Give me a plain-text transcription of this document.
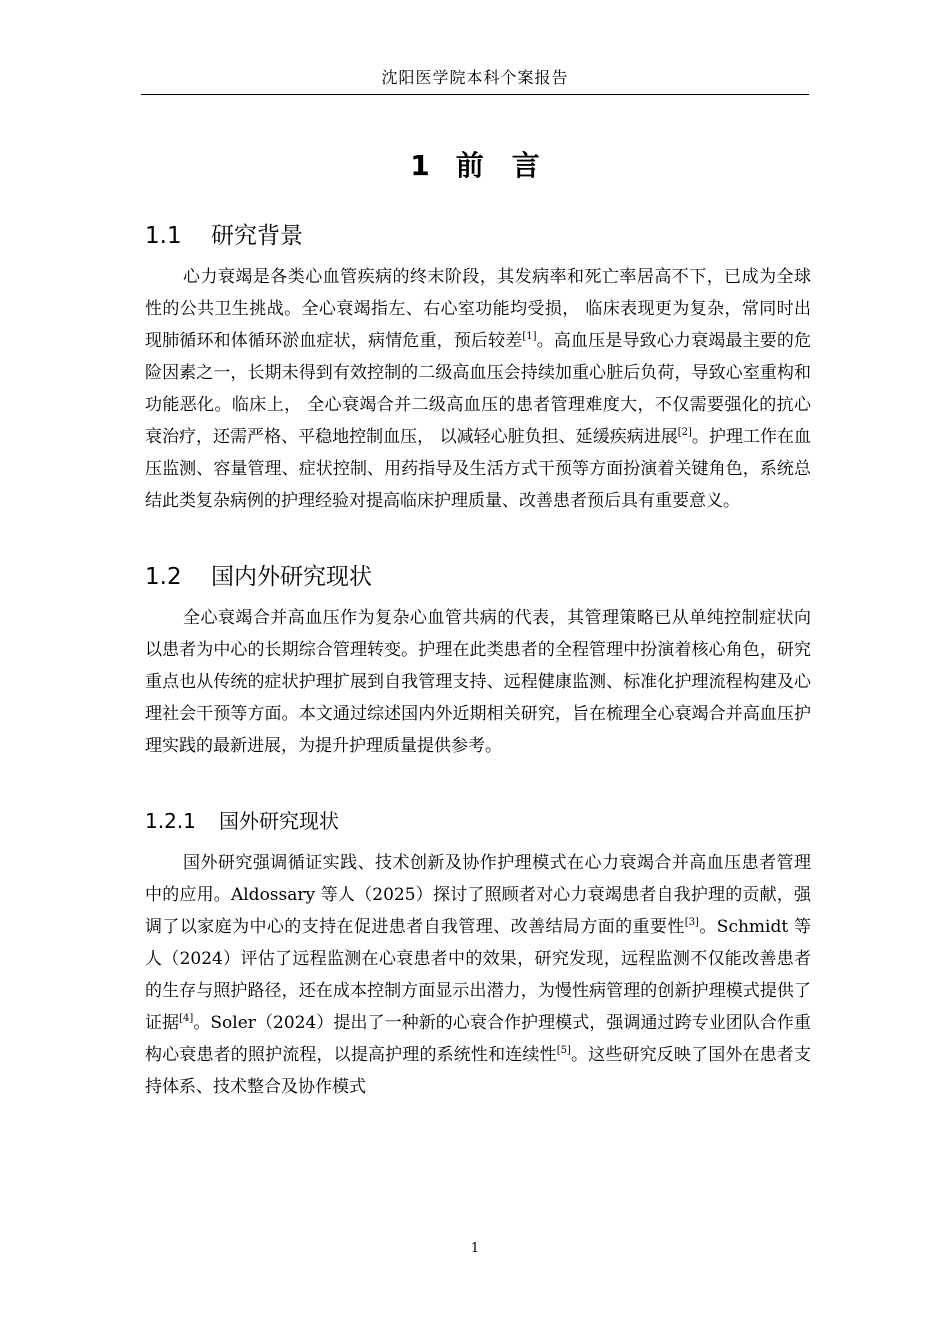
沈阳医学院本科个案报告
1 前 言
1.1 研究背景

心力衰竭是各类心血管疾病的终末阶段，其发病率和死亡率居高不下，已成为全球性的公共卫生挑战。全心衰竭指左、右心室功能均受损， 临床表现更为复杂，常同时出现肺循环和体循环淤血症状，病情危重，预后较差[1]。高血压是导致心力衰竭最主要的危险因素之一，长期未得到有效控制的二级高血压会持续加重心脏后负荷，导致心室重构和功能恶化。临床上， 全心衰竭合并二级高血压的患者管理难度大，不仅需要强化的抗心衰治疗，还需严格、平稳地控制血压， 以减轻心脏负担、延缓疾病进展[2]。护理工作在血压监测、容量管理、症状控制、用药指导及生活方式干预等方面扮演着关键角色，系统总结此类复杂病例的护理经验对提高临床护理质量、改善患者预后具有重要意义。

1.2 国内外研究现状

全心衰竭合并高血压作为复杂心血管共病的代表，其管理策略已从单纯控制症状向以患者为中心的长期综合管理转变。护理在此类患者的全程管理中扮演着核心角色，研究重点也从传统的症状护理扩展到自我管理支持、远程健康监测、标准化护理流程构建及心理社会干预等方面。本文通过综述国内外近期相关研究，旨在梳理全心衰竭合并高血压护理实践的最新进展，为提升护理质量提供参考。

1.2.1 国外研究现状

国外研究强调循证实践、技术创新及协作护理模式在心力衰竭合并高血压患者管理中的应用。Aldossary 等人（2025）探讨了照顾者对心力衰竭患者自我护理的贡献，强调了以家庭为中心的支持在促进患者自我管理、改善结局方面的重要性[3]。Schmidt 等人（2024）评估了远程监测在心衰患者中的效果，研究发现，远程监测不仅能改善患者的生存与照护路径，还在成本控制方面显示出潜力，为慢性病管理的创新护理模式提供了证据[4]。Soler（2024）提出了一种新的心衰合作护理模式，强调通过跨专业团队合作重构心衰患者的照护流程，以提高护理的系统性和连续性[5]。这些研究反映了国外在患者支持体系、技术整合及协作模式

1
